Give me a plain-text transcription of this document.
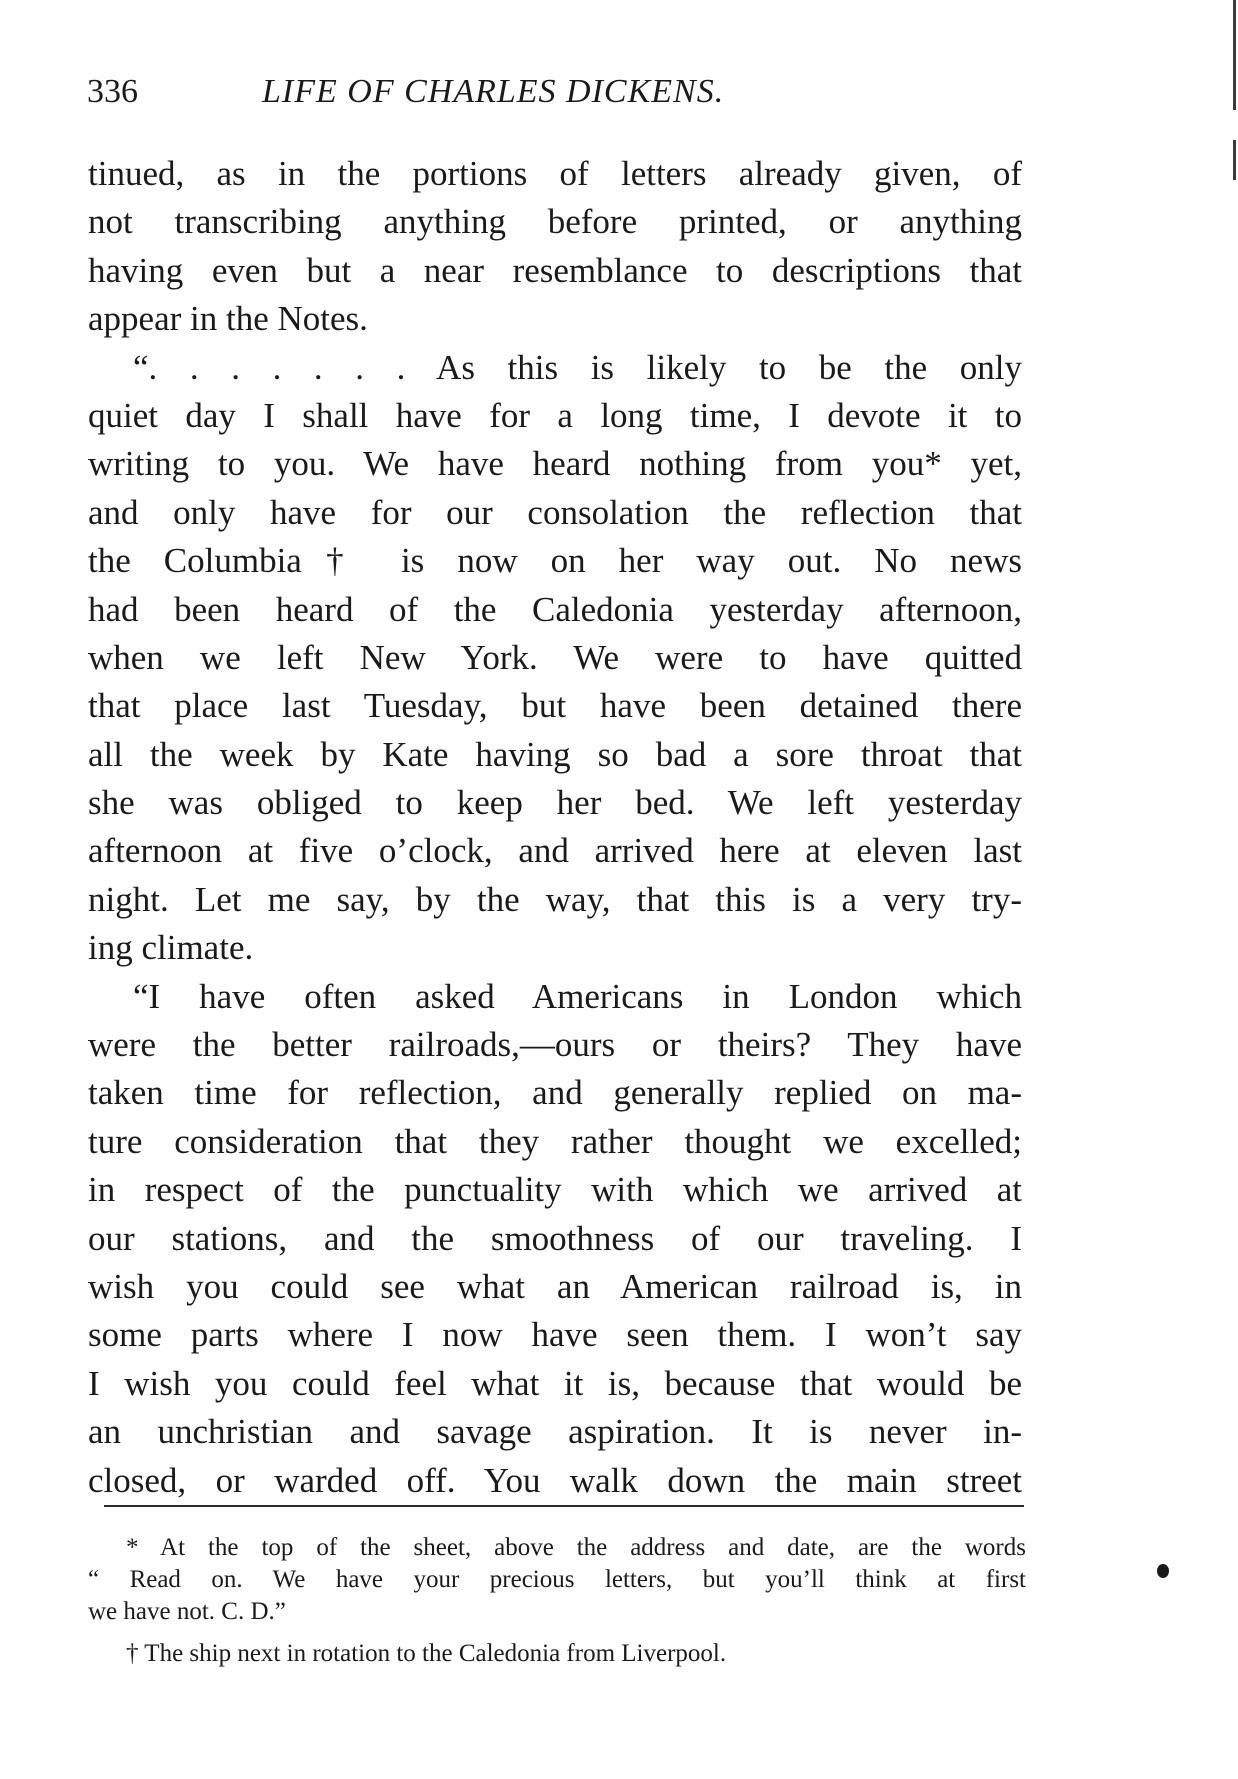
336	LIFE OF CHARLES DICKENS.
tinued, as in the portions of letters already given, of
not transcribing anything before printed, or anything
having even but a near resemblance to descriptions that
appear in the Notes.
“. . . . . . . As this is likely to be the only
quiet day I shall have for a long time, I devote it to
writing to you. We have heard nothing from you* yet,
and only have for our consolation the reflection that
the Columbia† is now on her way out. No news
had been heard of the Caledonia yesterday afternoon,
when we left New York. We were to have quitted
that place last Tuesday, but have been detained there
all the week by Kate having so bad a sore throat that
she was obliged to keep her bed. We left yesterday
afternoon at five o’clock, and arrived here at eleven last
night. Let me say, by the way, that this is a very try-
ing climate.
“I have often asked Americans in London which
were the better railroads,—ours or theirs? They have
taken time for reflection, and generally replied on ma-
ture consideration that they rather thought we excelled;
in respect of the punctuality with which we arrived at
our stations, and the smoothness of our traveling. I
wish you could see what an American railroad is, in
some parts where I now have seen them. I won’t say
I wish you could feel what it is, because that would be
an unchristian and savage aspiration. It is never in-
closed, or warded off. You walk down the main street
* At the top of the sheet, above the address and date, are the words
“ Read on. We have your precious letters, but you’ll think at first
we have not. C. D.”
† The ship next in rotation to the Caledonia from Liverpool.
